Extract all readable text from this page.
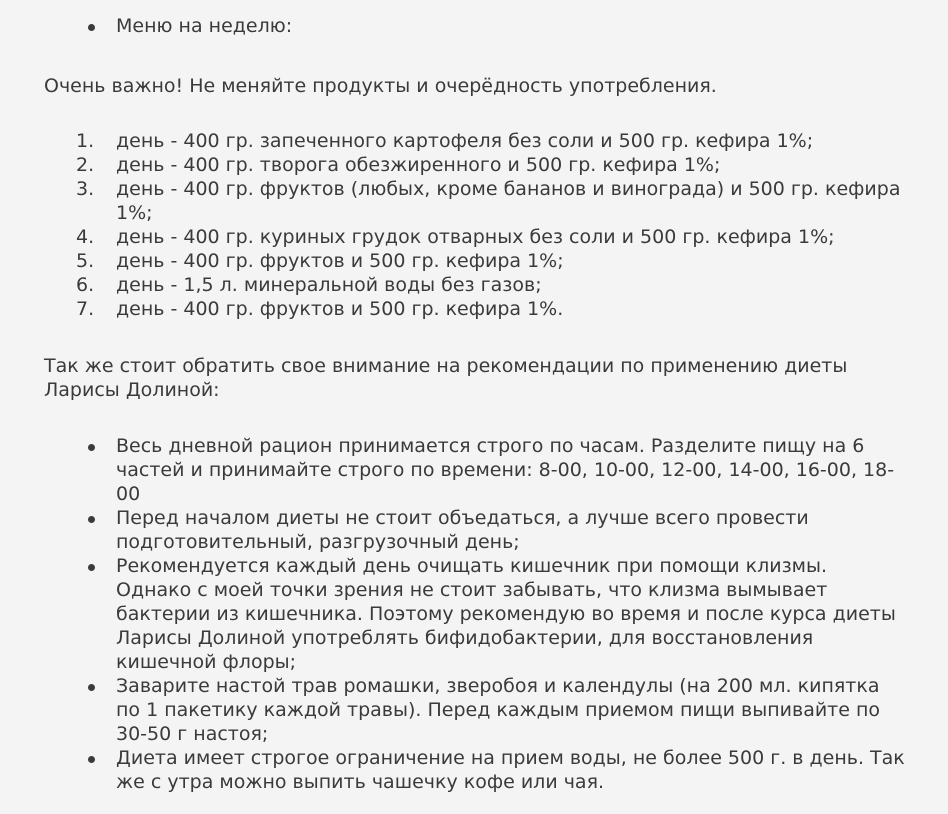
Меню на неделю:

Очень важно! Не меняйте продукты и очерёдность употребления.

1.	день - 400 гр. запеченного картофеля без соли и 500 гр. кефира 1%;
2.	день - 400 гр. творога обезжиренного и 500 гр. кефира 1%;
3.	день - 400 гр. фруктов (любых, кроме бананов и винограда) и 500 гр. кефира 1%;
4.	день - 400 гр. куриных грудок отварных без соли и 500 гр. кефира 1%;
5.	день - 400 гр. фруктов и 500 гр. кефира 1%;
6.	день - 1,5 л. минеральной воды без газов;
7.	день - 400 гр. фруктов и 500 гр. кефира 1%.

Так же стоит обратить свое внимание на рекомендации по применению диеты Ларисы Долиной:

Весь дневной рацион принимается строго по часам. Разделите пищу на 6 частей и принимайте строго по времени: 8-00, 10-00, 12-00, 14-00, 16-00, 18-00
Перед началом диеты не стоит объедаться, а лучше всего провести подготовительный, разгрузочный день;
Рекомендуется каждый день очищать кишечник при помощи клизмы. Однако с моей точки зрения не стоит забывать, что клизма вымывает бактерии из кишечника. Поэтому рекомендую во время и после курса диеты Ларисы Долиной употреблять бифидобактерии, для восстановления кишечной флоры;
Заварите настой трав ромашки, зверобоя и календулы (на 200 мл. кипятка по 1 пакетику каждой травы). Перед каждым приемом пищи выпивайте по 30-50 г настоя;
Диета имеет строгое ограничение на прием воды, не более 500 г. в день. Так же с утра можно выпить чашечку кофе или чая.
